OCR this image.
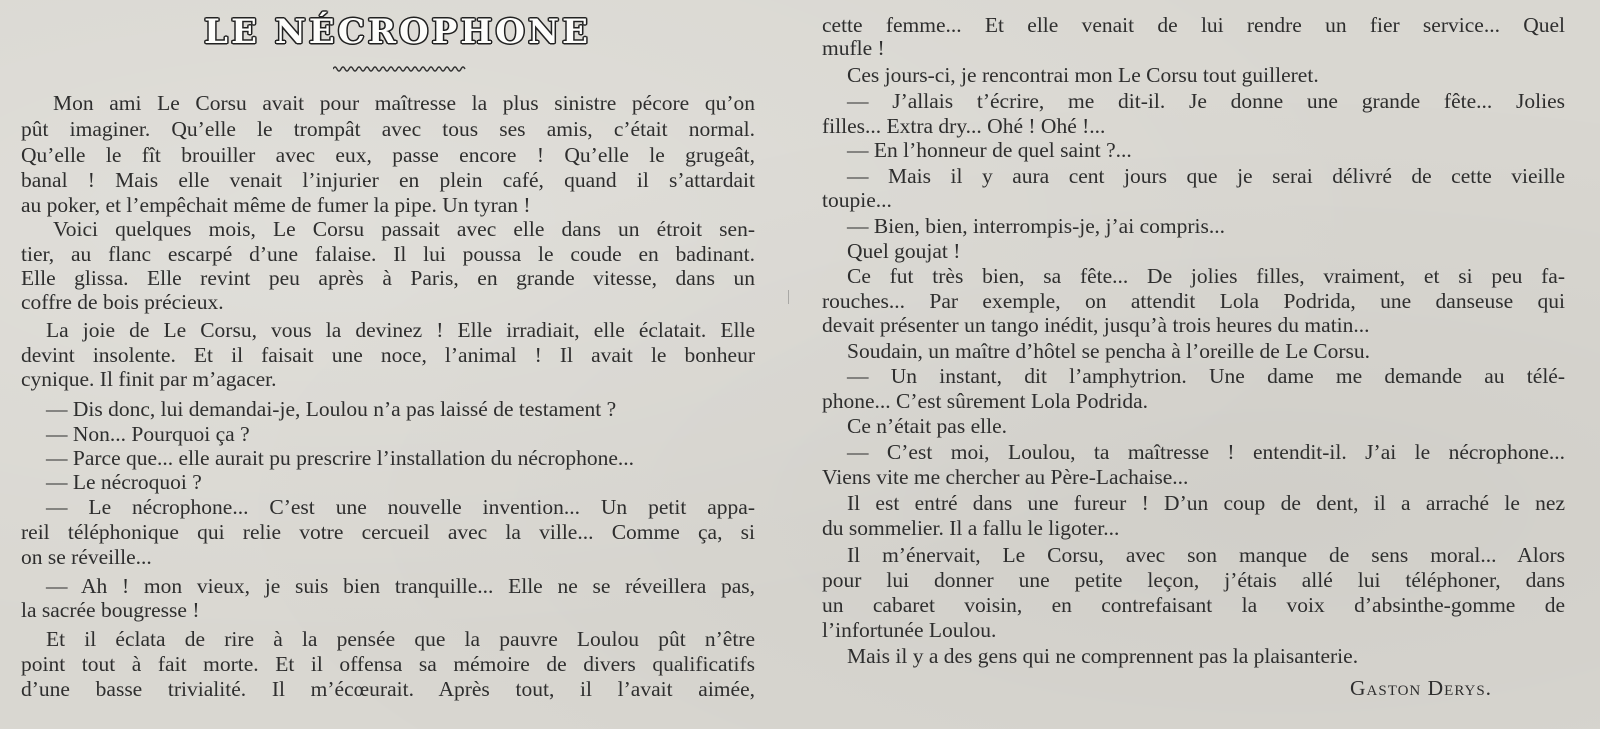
LE NÉCROPHONE
Mon ami Le Corsu avait pour maîtresse la plus sinistre pécore qu’on
pût imaginer. Qu’elle le trompât avec tous ses amis, c’était normal.
Qu’elle le fît brouiller avec eux, passe encore ! Qu’elle le grugeât,
banal ! Mais elle venait l’injurier en plein café, quand il s’attardait
au poker, et l’empêchait même de fumer la pipe. Un tyran !
Voici quelques mois, Le Corsu passait avec elle dans un étroit sen-
tier, au flanc escarpé d’une falaise. Il lui poussa le coude en badinant.
Elle glissa. Elle revint peu après à Paris, en grande vitesse, dans un
coffre de bois précieux.
La joie de Le Corsu, vous la devinez ! Elle irradiait, elle éclatait. Elle
devint insolente. Et il faisait une noce, l’animal ! Il avait le bonheur
cynique. Il finit par m’agacer.
— Dis donc, lui demandai-je, Loulou n’a pas laissé de testament ?
— Non... Pourquoi ça ?
— Parce que... elle aurait pu prescrire l’installation du nécrophone...
— Le nécroquoi ?
— Le nécrophone... C’est une nouvelle invention... Un petit appa-
reil téléphonique qui relie votre cercueil avec la ville... Comme ça, si
on se réveille...
— Ah ! mon vieux, je suis bien tranquille... Elle ne se réveillera pas,
la sacrée bougresse !
Et il éclata de rire à la pensée que la pauvre Loulou pût n’être
point tout à fait morte. Et il offensa sa mémoire de divers qualificatifs
d’une basse trivialité. Il m’écœurait. Après tout, il l’avait aimée,
cette femme... Et elle venait de lui rendre un fier service... Quel
mufle !
Ces jours-ci, je rencontrai mon Le Corsu tout guilleret.
— J’allais t’écrire, me dit-il. Je donne une grande fête... Jolies
filles... Extra dry... Ohé ! Ohé !...
— En l’honneur de quel saint ?...
— Mais il y aura cent jours que je serai délivré de cette vieille
toupie...
— Bien, bien, interrompis-je, j’ai compris...
Quel goujat !
Ce fut très bien, sa fête... De jolies filles, vraiment, et si peu fa-
rouches... Par exemple, on attendit Lola Podrida, une danseuse qui
devait présenter un tango inédit, jusqu’à trois heures du matin...
Soudain, un maître d’hôtel se pencha à l’oreille de Le Corsu.
— Un instant, dit l’amphytrion. Une dame me demande au télé-
phone... C’est sûrement Lola Podrida.
Ce n’était pas elle.
— C’est moi, Loulou, ta maîtresse ! entendit-il. J’ai le nécrophone...
Viens vite me chercher au Père-Lachaise...
Il est entré dans une fureur ! D’un coup de dent, il a arraché le nez
du sommelier. Il a fallu le ligoter...
Il m’énervait, Le Corsu, avec son manque de sens moral... Alors
pour lui donner une petite leçon, j’étais allé lui téléphoner, dans
un cabaret voisin, en contrefaisant la voix d’absinthe-gomme de
l’infortunée Loulou.
Mais il y a des gens qui ne comprennent pas la plaisanterie.
Gaston Derys.
